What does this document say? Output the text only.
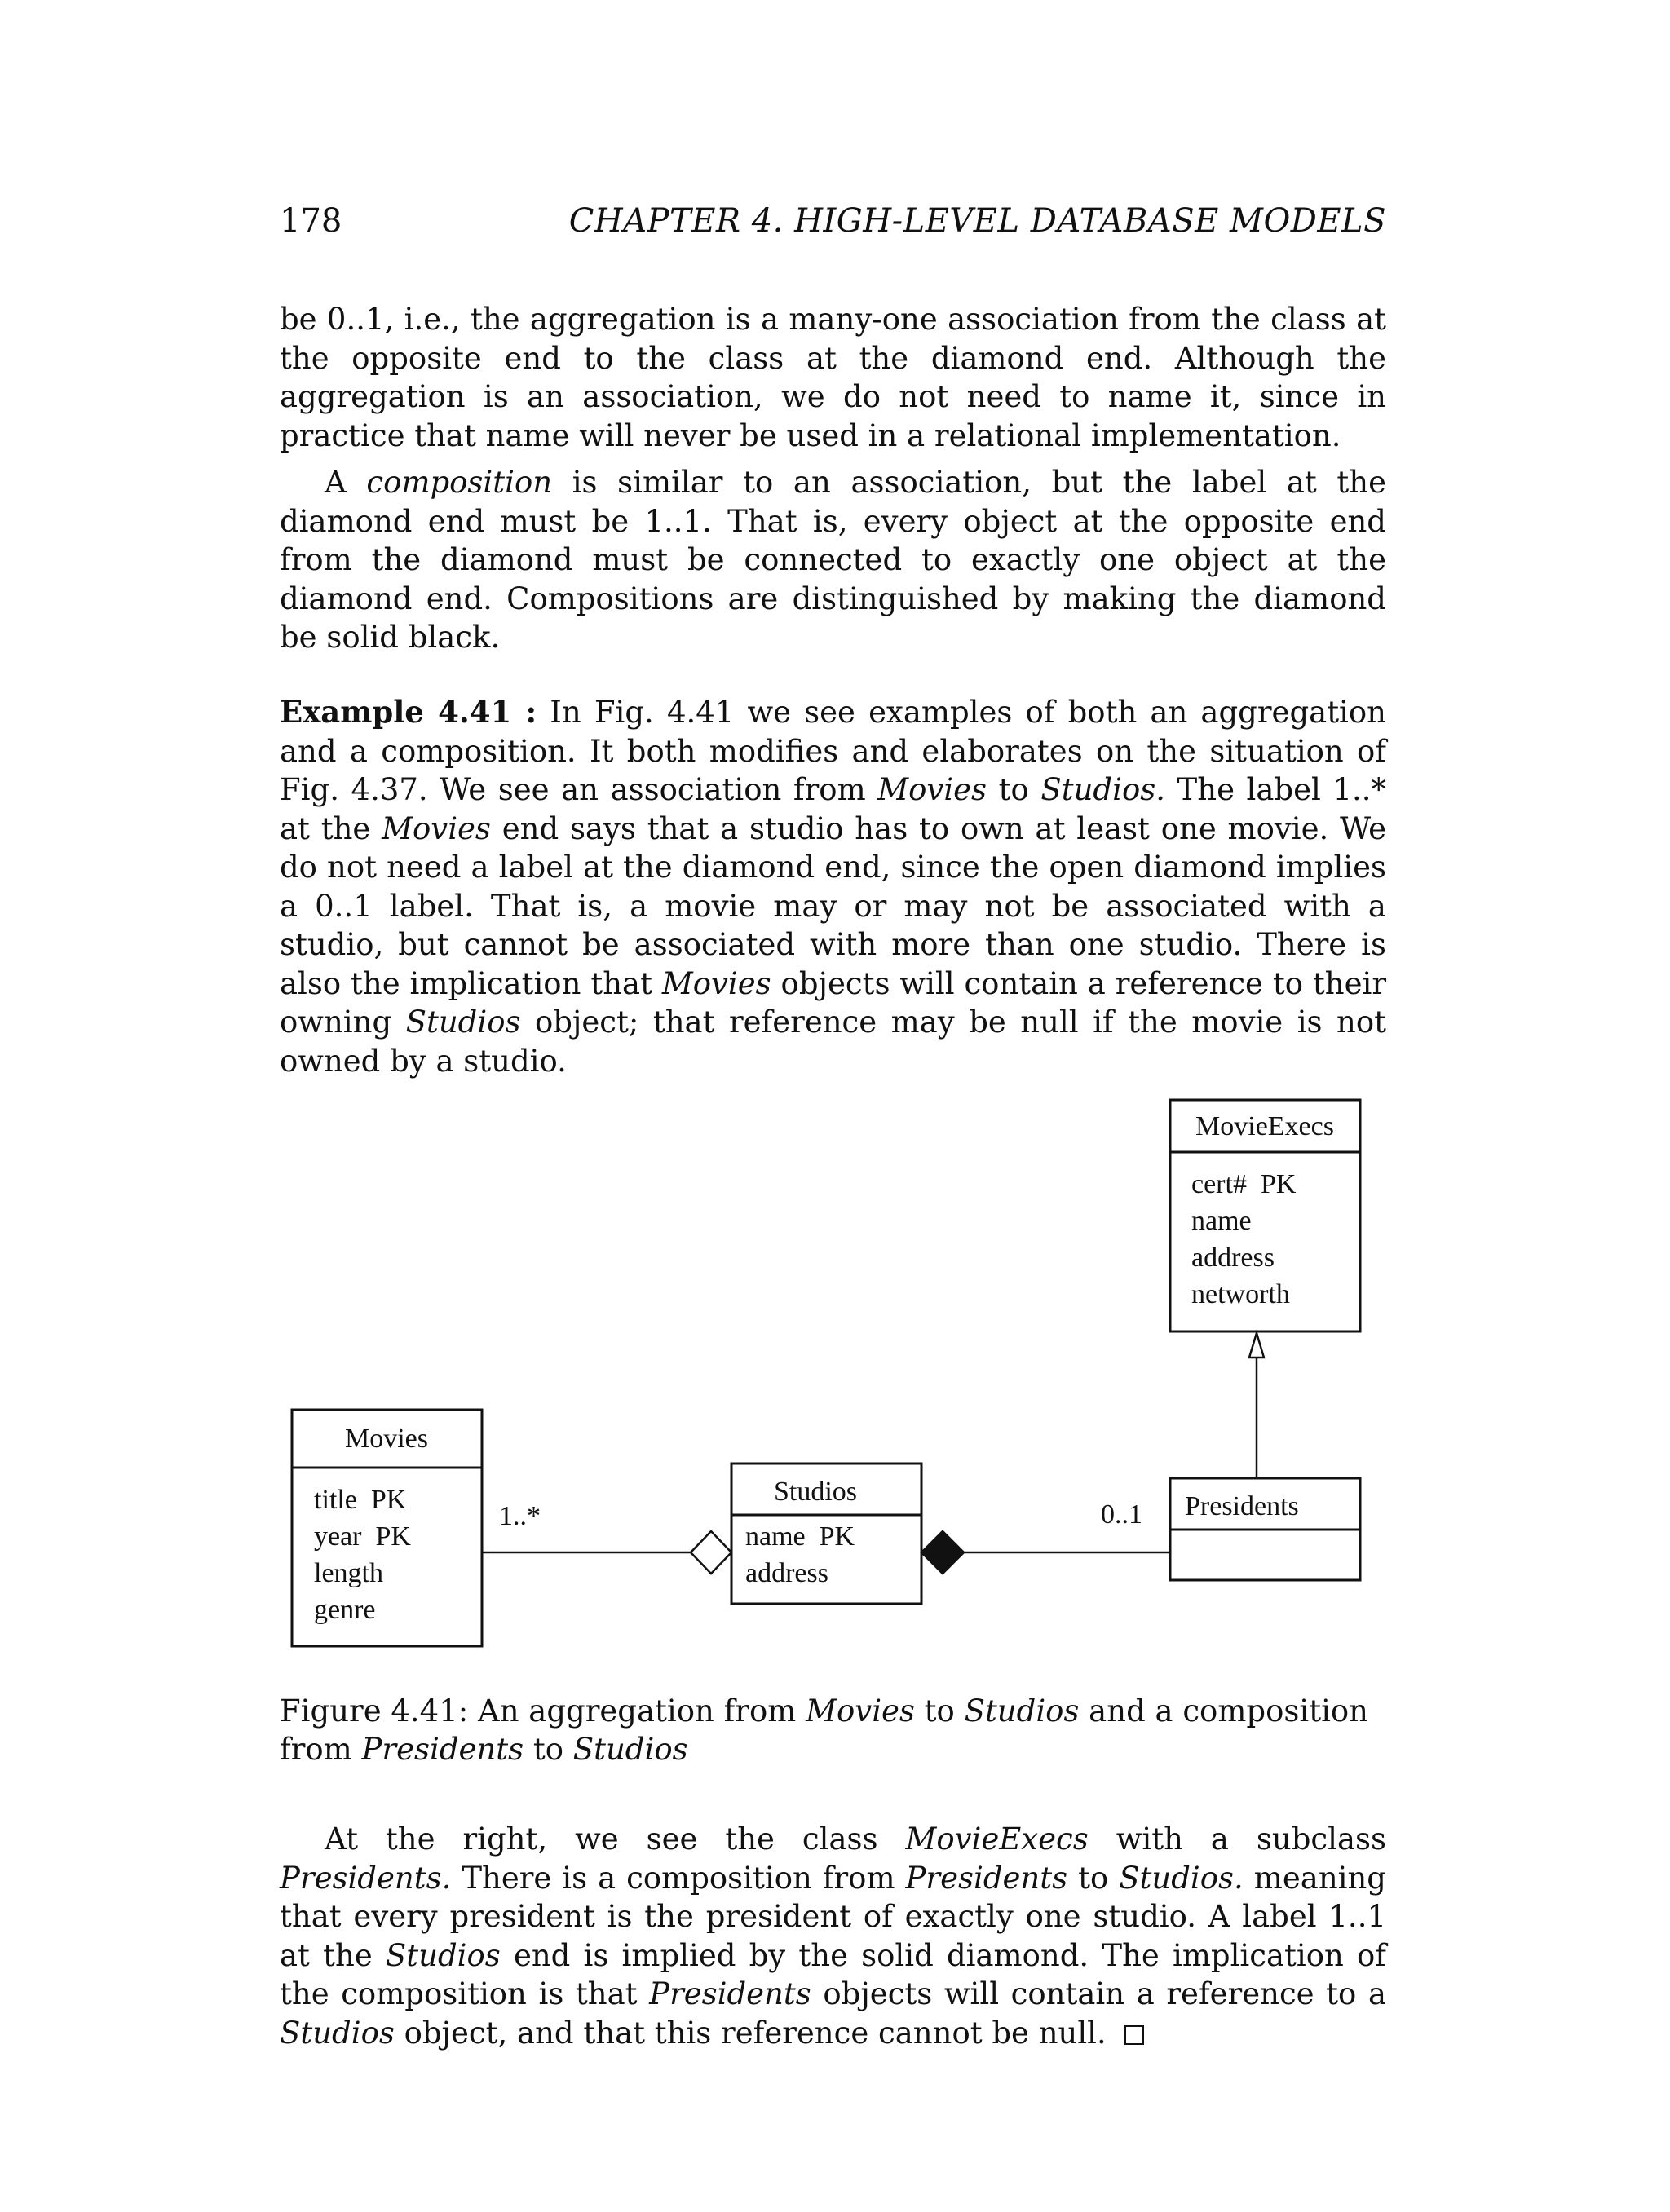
178	CHAPTER 4. HIGH-LEVEL DATABASE MODELS

be 0..1, i.e., the aggregation is a many-one association from the class at the opposite end to the class at the diamond end. Although the aggregation is an association, we do not need to name it, since in practice that name will never be used in a relational implementation.

A composition is similar to an association, but the label at the diamond end must be 1..1. That is, every object at the opposite end from the diamond must be connected to exactly one object at the diamond end. Compositions are distinguished by making the diamond be solid black.

Example 4.41 : In Fig. 4.41 we see examples of both an aggregation and a composition. It both modifies and elaborates on the situation of Fig. 4.37. We see an association from Movies to Studios. The label 1..* at the Movies end says that a studio has to own at least one movie. We do not need a label at the diamond end, since the open diamond implies a 0..1 label. That is, a movie may or may not be associated with a studio, but cannot be associated with more than one studio. There is also the implication that Movies objects will contain a reference to their owning Studios object; that reference may be null if the movie is not owned by a studio.

MovieExecs
cert#  PK
name
address
networth
Movies
title  PK
year  PK
length
genre
1..*
Studios
name  PK
address
0..1 Presidents

Figure 4.41: An aggregation from Movies to Studios and a composition from Presidents to Studios

At the right, we see the class MovieExecs with a subclass Presidents. There is a composition from Presidents to Studios. meaning that every president is the president of exactly one studio. A label 1..1 at the Studios end is implied by the solid diamond. The implication of the composition is that Presidents objects will contain a reference to a Studios object, and that this reference cannot be null.
